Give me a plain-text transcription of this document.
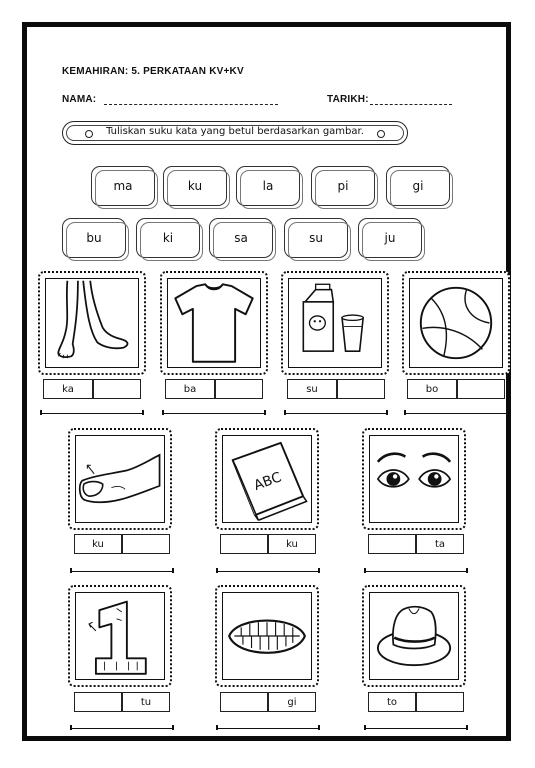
KEMAHIRAN: 5. PERKATAAN KV+KV
NAMA:	TARIKH:
Tuliskan suku kata yang betul berdasarkan gambar.
ma	ku	la	pi	gi
bu	ki	sa	su	ju
ka	ba	su	bo
ABC
ku	ku	ta
tu	gi	to
